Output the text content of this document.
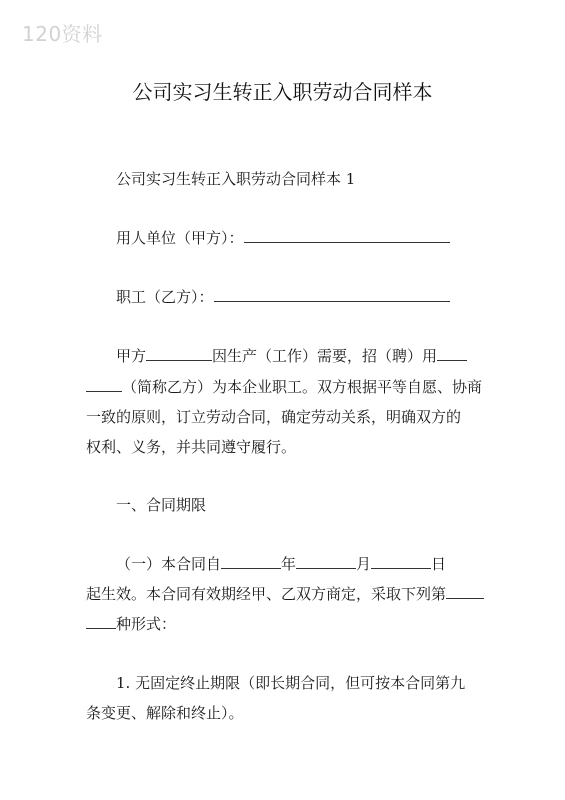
120资料
公司实习生转正入职劳动合同样本
公司实习生转正入职劳动合同样本 1
用人单位（甲方）：
职工（乙方）：
甲方	因生产（工作）需要，招（聘）用
（简称乙方）为本企业职工。双方根据平等自愿、协商
一致的原则，订立劳动合同，确定劳动关系，明确双方的
权利、义务，并共同遵守履行。
一、合同期限
（一）本合同自	年	月	日
起生效。本合同有效期经甲、乙双方商定，采取下列第
种形式：
1. 无固定终止期限（即长期合同，但可按本合同第九
条变更、解除和终止）。
